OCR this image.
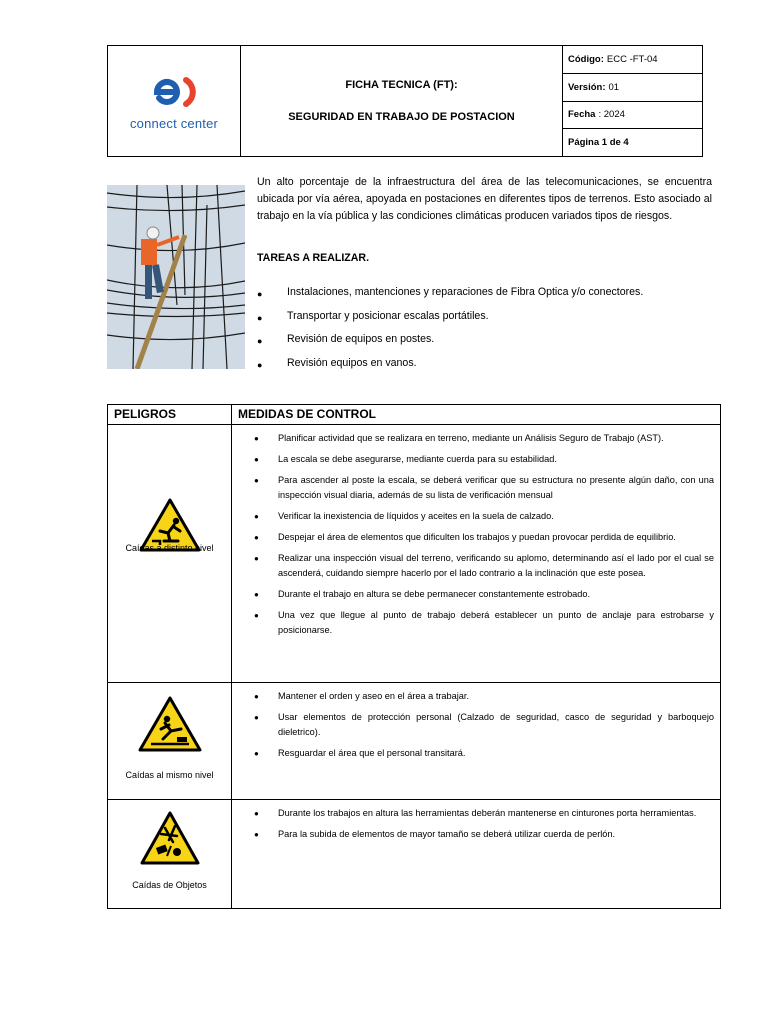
connect center
FICHA TECNICA (FT):
SEGURIDAD EN TRABAJO DE POSTACION
Código: ECC -FT-04
Versión: 01
Fecha : 2024
Página 1 de 4
Un alto porcentaje de la infraestructura del área de las telecomunicaciones, se encuentra ubicada por vía aérea, apoyada en postaciones en diferentes tipos de terrenos. Esto asociado al trabajo en la vía pública y las condiciones climáticas producen variados tipos de riesgos.
TAREAS A REALIZAR.
●	Instalaciones, mantenciones y reparaciones de Fibra Optica y/o conectores.
●	Transportar y posicionar escalas portátiles.
●	Revisión de equipos en postes.
●	Revisión equipos en vanos.
PELIGROS	MEDIDAS DE CONTROL
Caídas a distinto nivel
●	Planificar actividad que se realizara en terreno, mediante un Análisis Seguro de Trabajo (AST).
●	La escala se debe asegurarse, mediante cuerda para su estabilidad.
●	Para ascender al poste la escala, se deberá verificar que su estructura no presente algún daño, con una inspección visual diaria, además de su lista de verificación mensual
●	Verificar la inexistencia de líquidos y aceites en la suela de calzado.
●	Despejar el área de elementos que dificulten los trabajos y puedan provocar perdida de equilibrio.
●	Realizar una inspección visual del terreno, verificando su aplomo, determinando así el lado por el cual se ascenderá, cuidando siempre hacerlo por el lado contrario a la inclinación que este posea.
●	Durante el trabajo en altura se debe permanecer constantemente estrobado.
●	Una vez que llegue al punto de trabajo deberá establecer un punto de anclaje para estrobarse y posicionarse.
Caídas al mismo nivel
●	Mantener el orden y aseo en el área a trabajar.
●	Usar elementos de protección personal (Calzado de seguridad, casco de seguridad y barboquejo dieletrico).
●	Resguardar el área que el personal transitará.
Caídas de Objetos
●	Durante los trabajos en altura las herramientas deberán mantenerse en cinturones porta herramientas.
●	Para la subida de elementos de mayor tamaño se deberá utilizar cuerda de perlón.
